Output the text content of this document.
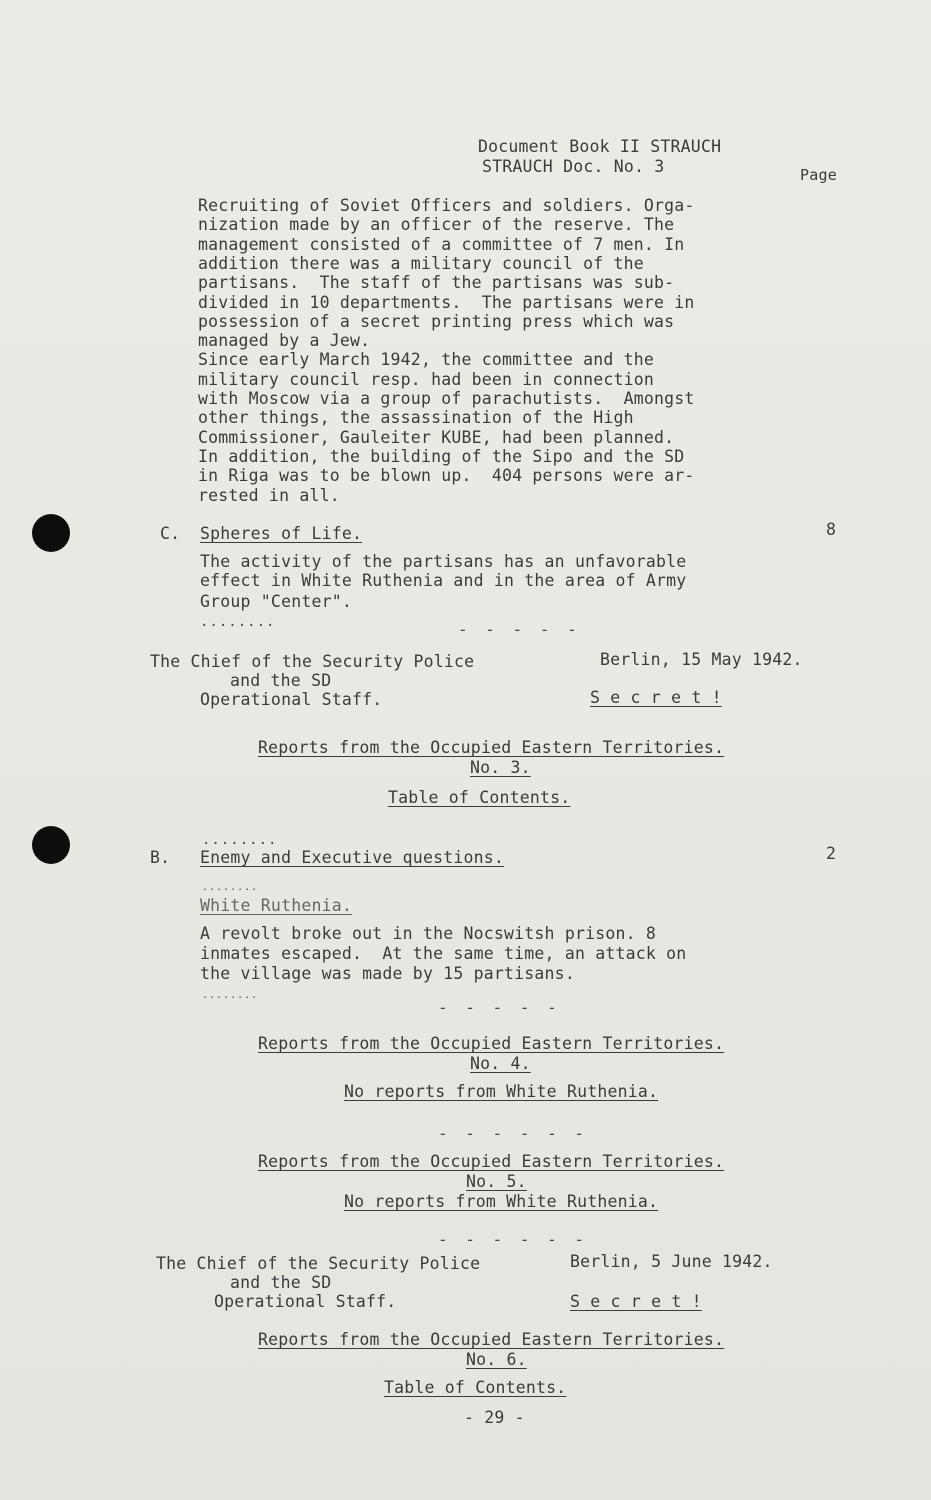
Document Book II STRAUCH
STRAUCH Doc. No. 3	Page
Recruiting of Soviet Officers and soldiers. Orga-
nization made by an officer of the reserve. The
management consisted of a committee of 7 men. In
addition there was a military council of the
partisans.  The staff of the partisans was sub-
divided in 10 departments.  The partisans were in
possession of a secret printing press which was
managed by a Jew.
Since early March 1942, the committee and the
military council resp. had been in connection
with Moscow via a group of parachutists.  Amongst
other things, the assassination of the High
Commissioner, Gauleiter KUBE, had been planned.
In addition, the building of the Sipo and the SD
in Riga was to be blown up.  404 persons were ar-
rested in all.
C. Spheres of Life.	8
The activity of the partisans has an unfavorable
effect in White Ruthenia and in the area of Army
Group "Center".
........	- - - - -
The Chief of the Security Police
and the SD
Operational Staff.
Berlin, 15 May 1942.
S e c r e t !
Reports from the Occupied Eastern Territories.
No. 3.
Table of Contents.
........
B. Enemy and Executive questions.	2
........
White Ruthenia.
A revolt broke out in the Nocswitsh prison. 8
inmates escaped.  At the same time, an attack on
the village was made by 15 partisans.
........
- - - - -
Reports from the Occupied Eastern Territories.
No. 4.
No reports from White Ruthenia.
- - - - - -
Reports from the Occupied Eastern Territories.
No. 5.
No reports from White Ruthenia.
- - - - - -
The Chief of the Security Police
and the SD
Operational Staff.
Berlin, 5 June 1942.
S e c r e t !
Reports from the Occupied Eastern Territories.
No. 6.
Table of Contents.
- 29 -
